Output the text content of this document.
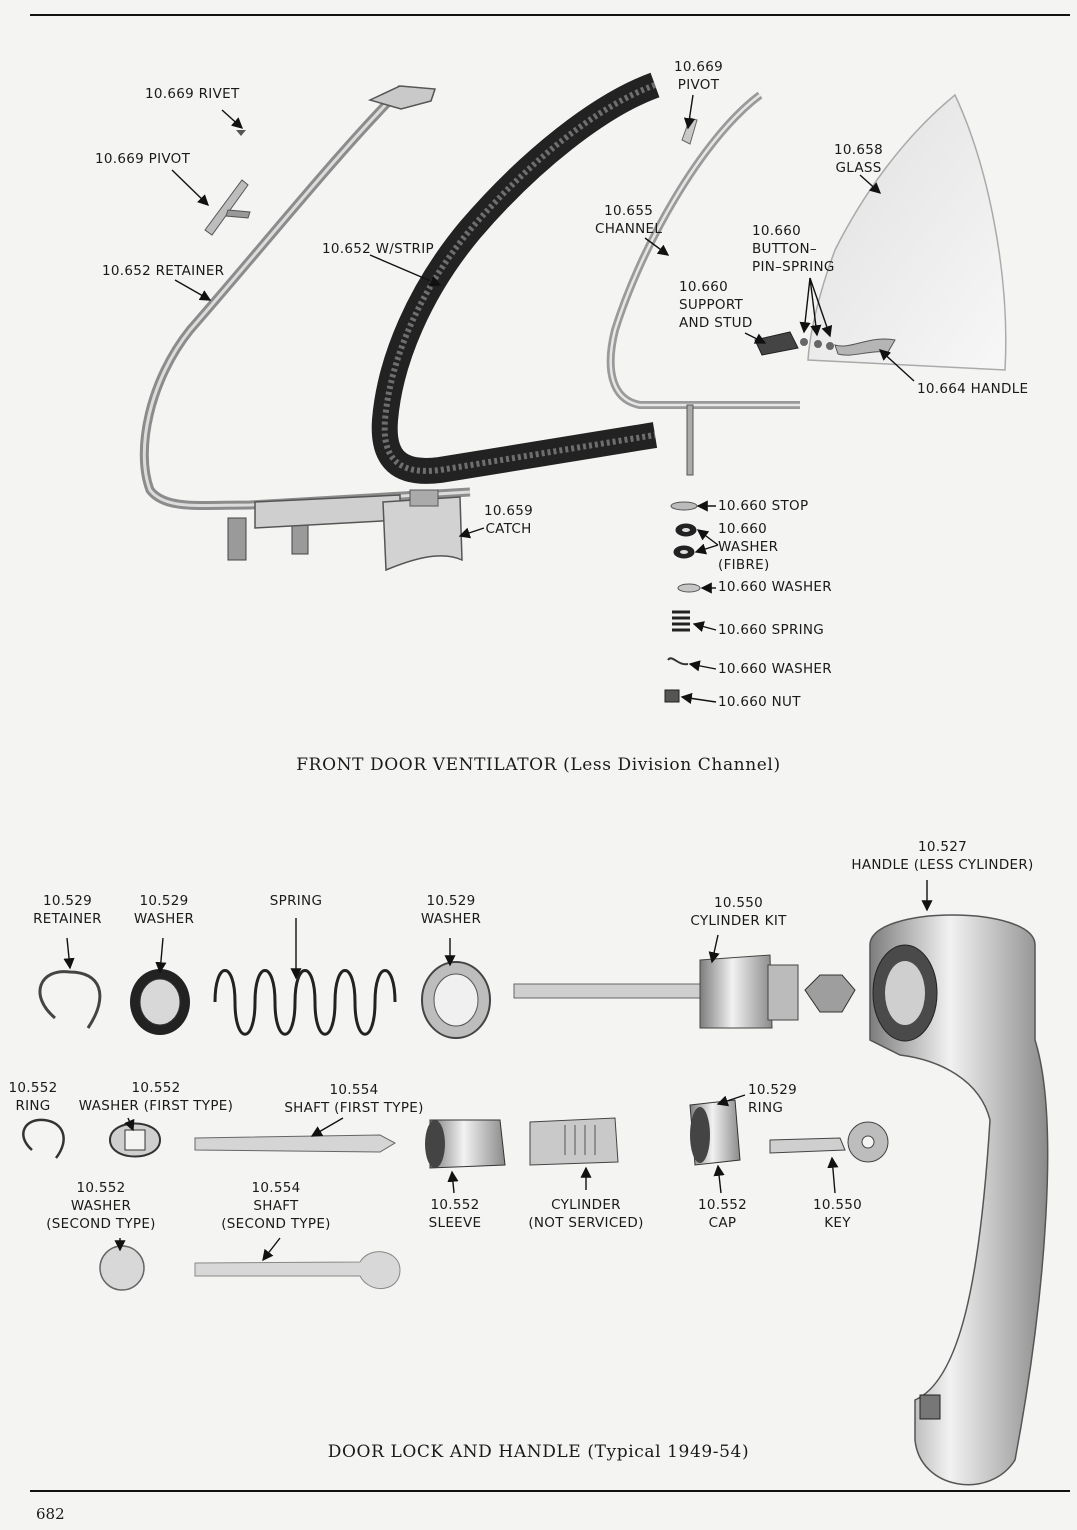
10.669 RIVET
10.669 PIVOT
10.652 RETAINER
10.652 W/STRIP
10.659
CATCH
10.669
PIVOT
10.655
CHANNEL
10.658
GLASS
10.660
BUTTON–
PIN–SPRING
10.660
SUPPORT
AND STUD
10.664 HANDLE
10.660 STOP
10.660
WASHER
(FIBRE)
10.660 WASHER
10.660 SPRING
10.660 WASHER
10.660 NUT
FRONT DOOR VENTILATOR (Less Division Channel)
10.527
HANDLE (LESS CYLINDER)
10.529
RETAINER
10.529
WASHER
SPRING	10.529
WASHER
10.550
CYLINDER KIT
10.552
RING
10.552
WASHER (FIRST TYPE)
10.554
SHAFT (FIRST TYPE)
10.529
RING
10.552
WASHER
(SECOND TYPE)
10.554
SHAFT
(SECOND TYPE)
10.552
SLEEVE
CYLINDER
(NOT SERVICED)
10.552
CAP
10.550
KEY
DOOR LOCK AND HANDLE (Typical 1949-54)
682
